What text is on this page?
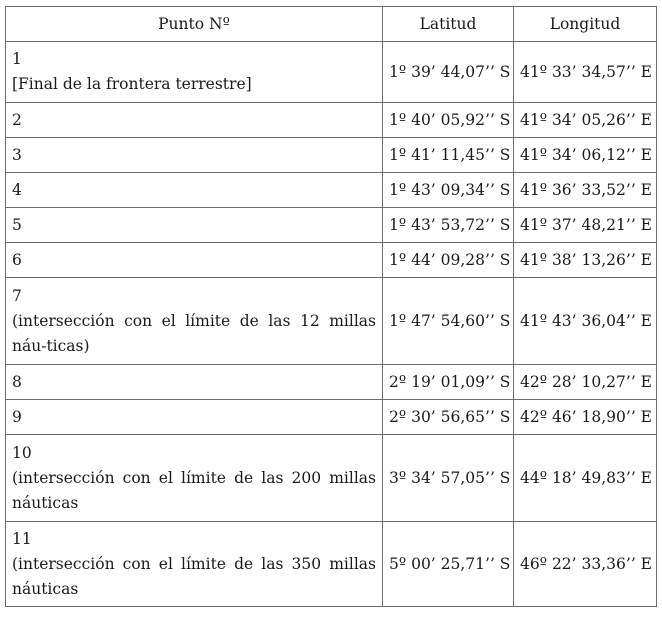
Punto Nº	Latitud	Longitud

1
[Final de la frontera terrestre]	1º 39’ 44,07’’ S	41º 33’ 34,57’’ E

2	1º 40’ 05,92’’ S	41º 34’ 05,26’’ E

3	1º 41’ 11,45’’ S	41º 34’ 06,12’’ E

4	1º 43’ 09,34’’ S	41º 36’ 33,52’’ E

5	1º 43’ 53,72’’ S	41º 37’ 48,21’’ E

6	1º 44’ 09,28’’ S	41º 38’ 13,26’’ E

7
(intersección con el límite de las 12 millas náu-ticas)	1º 47’ 54,60’’ S	41º 43’ 36,04’’ E

8	2º 19’ 01,09’’ S	42º 28’ 10,27’’ E

9	2º 30’ 56,65’’ S	42º 46’ 18,90’’ E

10
(intersección con el límite de las 200 millas náuticas	3º 34’ 57,05’’ S	44º 18’ 49,83’’ E

11
(intersección con el límite de las 350 millas náuticas	5º 00’ 25,71’’ S	46º 22’ 33,36’’ E
